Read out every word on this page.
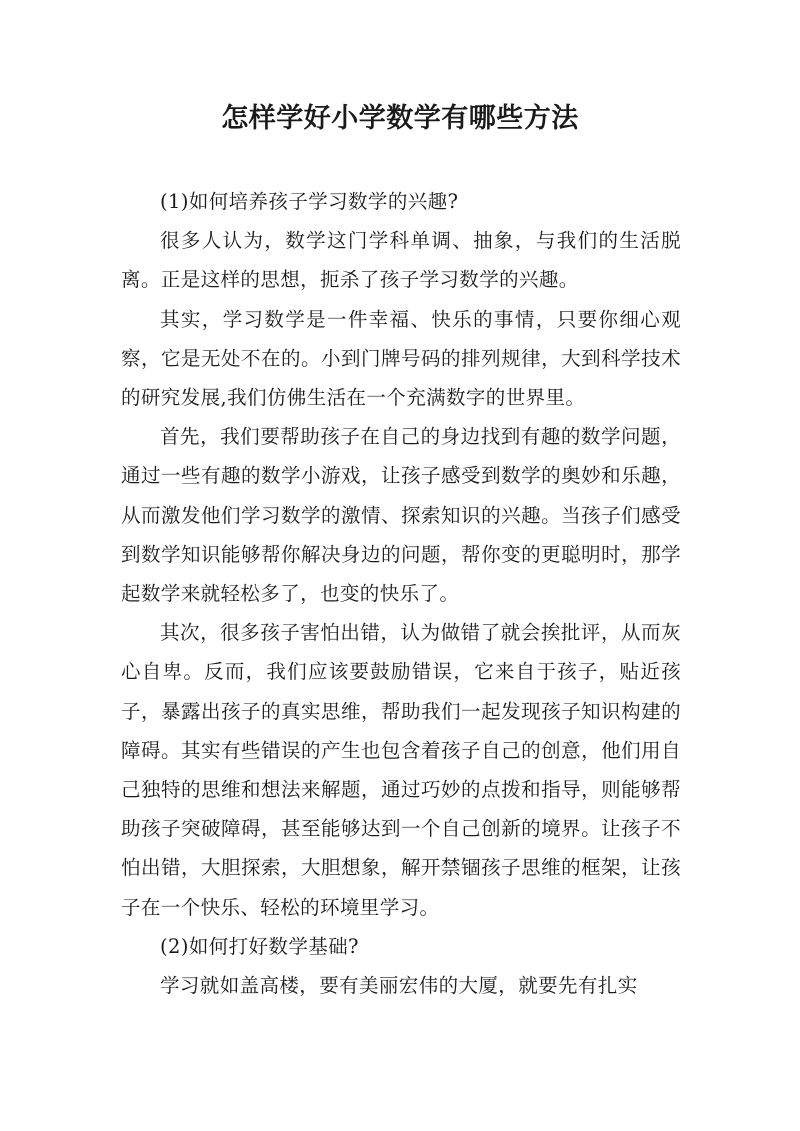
怎样学好小学数学有哪些方法

(1)如何培养孩子学习数学的兴趣?

很多人认为，数学这门学科单调、抽象，与我们的生活脱离。正是这样的思想，扼杀了孩子学习数学的兴趣。

其实，学习数学是一件幸福、快乐的事情，只要你细心观察，它是无处不在的。小到门牌号码的排列规律，大到科学技术的研究发展,我们仿佛生活在一个充满数字的世界里。

首先，我们要帮助孩子在自己的身边找到有趣的数学问题，通过一些有趣的数学小游戏，让孩子感受到数学的奥妙和乐趣，从而激发他们学习数学的激情、探索知识的兴趣。当孩子们感受到数学知识能够帮你解决身边的问题，帮你变的更聪明时，那学起数学来就轻松多了，也变的快乐了。

其次，很多孩子害怕出错，认为做错了就会挨批评，从而灰心自卑。反而，我们应该要鼓励错误，它来自于孩子，贴近孩子，暴露出孩子的真实思维，帮助我们一起发现孩子知识构建的障碍。其实有些错误的产生也包含着孩子自己的创意，他们用自己独特的思维和想法来解题，通过巧妙的点拨和指导，则能够帮助孩子突破障碍，甚至能够达到一个自己创新的境界。让孩子不怕出错，大胆探索，大胆想象，解开禁锢孩子思维的框架，让孩子在一个快乐、轻松的环境里学习。

(2)如何打好数学基础?

学习就如盖高楼，要有美丽宏伟的大厦，就要先有扎实
